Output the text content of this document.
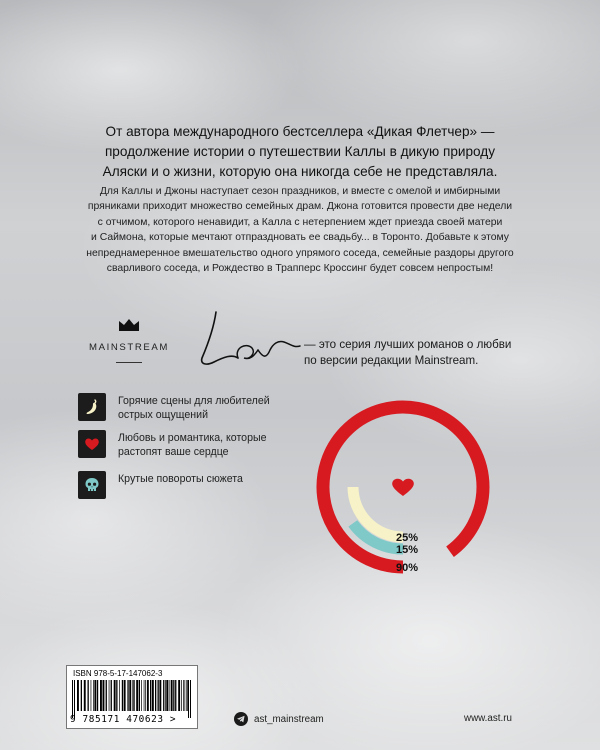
От автора международного бестселлера «Дикая Флетчер» —
продолжение истории о путешествии Каллы в дикую природу
Аляски и о жизни, которую она никогда себе не представляла.
Для Каллы и Джоны наступает сезон праздников, и вместе с омелой и имбирными
пряниками приходит множество семейных драм. Джона готовится провести две недели
с отчимом, которого ненавидит, а Калла с нетерпением ждет приезда своей матери
и Саймона, которые мечтают отпраздновать ее свадьбу... в Торонто. Добавьте к этому
непреднамеренное вмешательство одного упрямого соседа, семейные раздоры другого
сварливого соседа, и Рождество в Трапперс Кроссинг будет совсем непростым!
MAINSTREAM	— это серия лучших романов о любви
по версии редакции Mainstream.
Горячие сцены для любителей
острых ощущений
Любовь и романтика, которые
растопят ваше сердце
Крутые повороты сюжета
25%
15%
90%
ISBN 978-5-17-147062-3
9 785171 470623 >	ast_mainstream	www.ast.ru
